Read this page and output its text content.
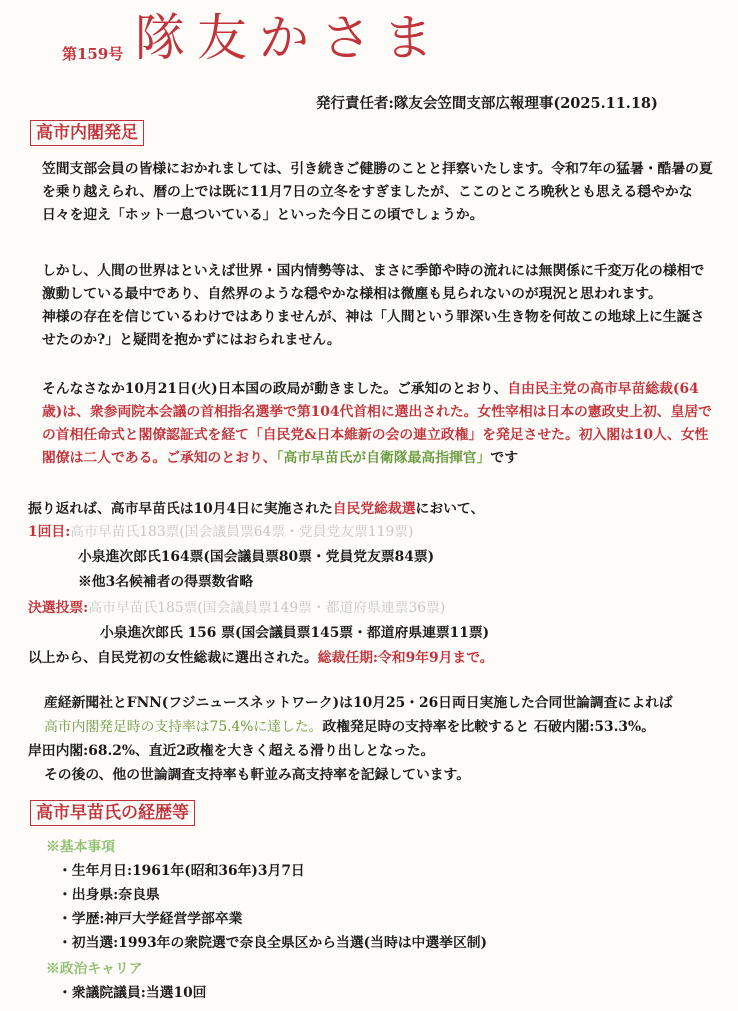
第159号 隊友かさま
発行責任者:隊友会笠間支部広報理事(2025.11.18)
高市内閣発足

笠間支部会員の皆様におかれましては、引き続きご健勝のことと拝察いたします。令和7年の猛暑・酷暑の夏を乗り越えられ、暦の上では既に11月7日の立冬をすぎましたが、ここのところ晩秋とも思える穏やかな日々を迎え「ホット一息ついている」といった今日この頃でしょうか。

しかし、人間の世界はといえば世界・国内情勢等は、まさに季節や時の流れには無関係に千変万化の様相で激動している最中であり、自然界のような穏やかな様相は微塵も見られないのが現況と思われます。

神様の存在を信じているわけではありませんが、神は「人間という罪深い生き物を何故この地球上に生誕させたのか?」と疑問を抱かずにはおられません。

そんなさなか10月21日(火)日本国の政局が動きました。ご承知のとおり、自由民主党の高市早苗総裁(64歳)は、衆参両院本会議の首相指名選挙で第104代首相に選出された。女性宰相は日本の憲政史上初、皇居での首相任命式と閣僚認証式を経て「自民党&日本維新の会の連立政権」を発足させた。初入閣は10人、女性閣僚は二人である。ご承知のとおり、「高市早苗氏が自衛隊最高指揮官」です

振り返れば、高市早苗氏は10月4日に実施された自民党総裁選において、
1回目:高市早苗氏183票(国会議員票64票・党員党友票119票)
小泉進次郎氏164票(国会議員票80票・党員党友票84票)
※他3名候補者の得票数省略
決選投票:高市早苗氏185票(国会議員票149票・都道府県連票36票)
小泉進次郎氏 156 票(国会議員票145票・都道府県連票11票)
以上から、自民党初の女性総裁に選出された。総裁任期:令和9年9月まで。
産経新聞社とFNN(フジニュースネットワーク)は10月25・26日両日実施した合同世論調査によれば
高市内閣発足時の支持率は75.4%に達した。政権発足時の支持率を比較すると 石破内閣:53.3%。
岸田内閣:68.2%、直近2政権を大きく超える滑り出しとなった。
その後の、他の世論調査支持率も軒並み高支持率を記録しています。
高市早苗氏の経歴等
※基本事項
・生年月日:1961年(昭和36年)3月7日
・出身県:奈良県
・学歴:神戸大学経営学部卒業
・初当選:1993年の衆院選で奈良全県区から当選(当時は中選挙区制)
※政治キャリア
・衆議院議員:当選10回
